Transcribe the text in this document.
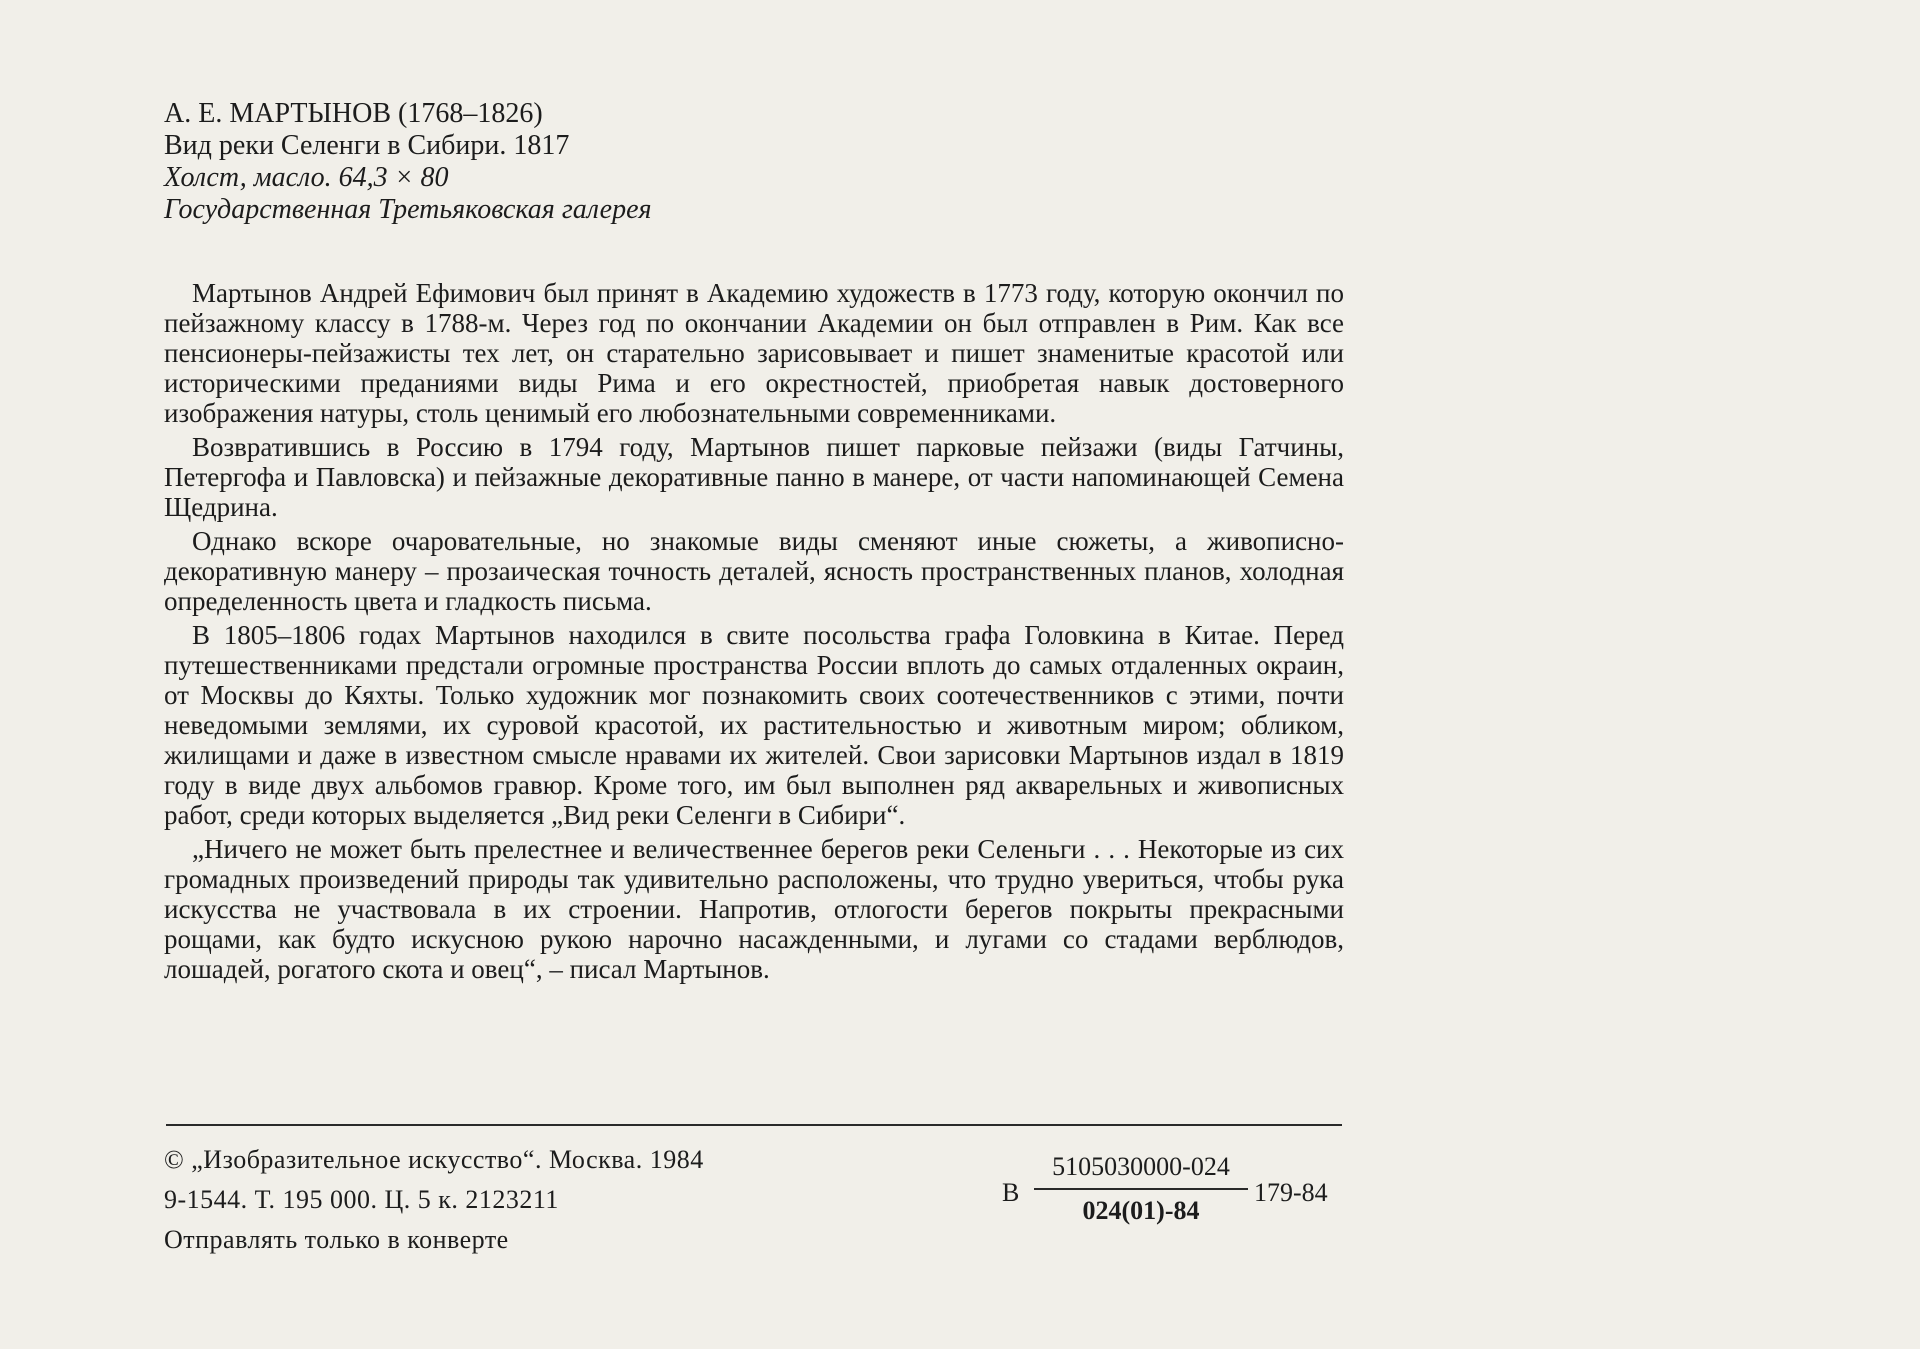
А. Е. МАРТЫНОВ (1768–1826)
Вид реки Селенги в Сибири. 1817
Холст, масло. 64,3 × 80
Государственная Третьяковская галерея

Мартынов Андрей Ефимович был принят в Академию художеств в 1773 году, которую окончил по пейзажному классу в 1788-м. Через год по окончании Академии он был отправлен в Рим. Как все пенсионеры-пейзажисты тех лет, он старательно зарисовывает и пишет знаменитые красотой или историческими преданиями виды Рима и его окрестностей, приобретая навык достоверного изображения натуры, столь ценимый его любознательными современниками.

Возвратившись в Россию в 1794 году, Мартынов пишет парковые пейзажи (виды Гатчины, Петергофа и Павловска) и пейзажные декоративные панно в манере, от части напоминающей Семена Щедрина.

Однако вскоре очаровательные, но знакомые виды сменяют иные сюжеты, а живописно-декоративную манеру – прозаическая точность деталей, ясность пространственных планов, холодная определенность цвета и гладкость письма.

В 1805–1806 годах Мартынов находился в свите посольства графа Головкина в Китае. Перед путешественниками предстали огромные пространства России вплоть до самых отдаленных окраин, от Москвы до Кяхты. Только художник мог познакомить своих соотечественников с этими, почти неведомыми землями, их суровой красотой, их растительностью и животным миром; обликом, жилищами и даже в известном смысле нравами их жителей. Свои зарисовки Мартынов издал в 1819 году в виде двух альбомов гравюр. Кроме того, им был выполнен ряд акварельных и живописных работ, среди которых выделяется „Вид реки Селенги в Сибири“.

„Ничего не может быть прелестнее и величественнее берегов реки Селеньги . . . Некоторые из сих громадных произведений природы так удивительно расположены, что трудно увериться, чтобы рука искусства не участвовала в их строении. Напротив, отлогости берегов покрыты прекрасными рощами, как будто искусною рукою нарочно насажденными, и лугами со стадами верблюдов, лошадей, рогатого скота и овец“, – писал Мартынов.

© „Изобразительное искусство“. Москва. 1984
9-1544. Т. 195 000. Ц. 5 к. 2123211
Отправлять только в конверте
В
5105030000-024
024(01)-84
179-84
